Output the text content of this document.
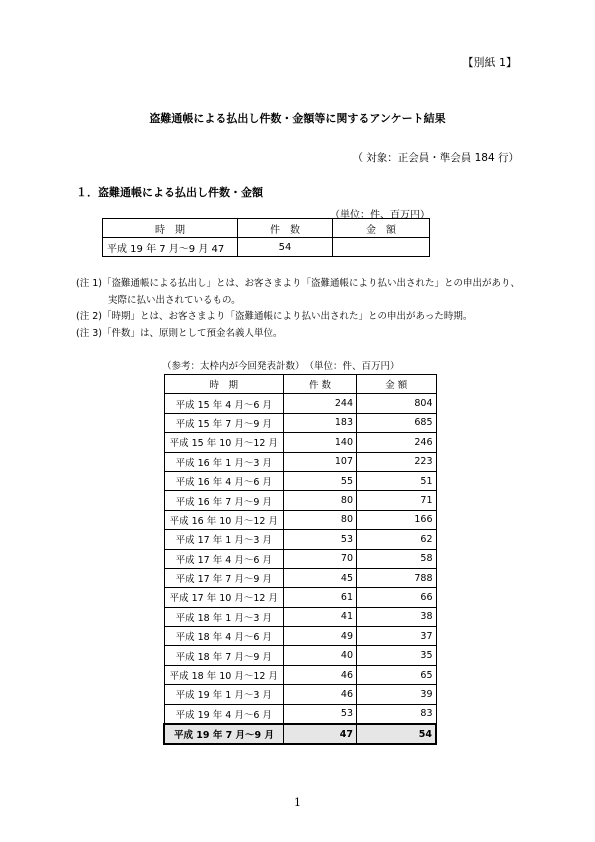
【別紙 1】
盗難通帳による払出し件数・金額等に関するアンケート結果
（ 対象：正会員・準会員 184 行）
１．盗難通帳による払出し件数・金額
（単位：件、百万円）
時　期	件　数	金　額
平成 19 年 7 月～9 月 47	54	
(注 1)「盗難通帳による払出し」とは、お客さまより「盗難通帳により払い出された」との申出があり、
実際に払い出されているもの。
(注 2)「時期」とは、お客さまより「盗難通帳により払い出された」との申出があった時期。
(注 3)「件数」は、原則として預金名義人単位。
（参考：太枠内が今回発表計数）　（単位：件、百万円）
時　期	件 数	金 額
平成 15 年 4 月～6 月	244	804
平成 15 年 7 月～9 月	183	685
平成 15 年 10 月～12 月	140	246
平成 16 年 1 月～3 月	107	223
平成 16 年 4 月～6 月	55	51
平成 16 年 7 月～9 月	80	71
平成 16 年 10 月～12 月	80	166
平成 17 年 1 月～3 月	53	62
平成 17 年 4 月～6 月	70	58
平成 17 年 7 月～9 月	45	788
平成 17 年 10 月～12 月	61	66
平成 18 年 1 月～3 月	41	38
平成 18 年 4 月～6 月	49	37
平成 18 年 7 月～9 月	40	35
平成 18 年 10 月～12 月	46	65
平成 19 年 1 月～3 月	46	39
平成 19 年 4 月～6 月	53	83
平成 19 年 7 月～9 月	47	54
1
